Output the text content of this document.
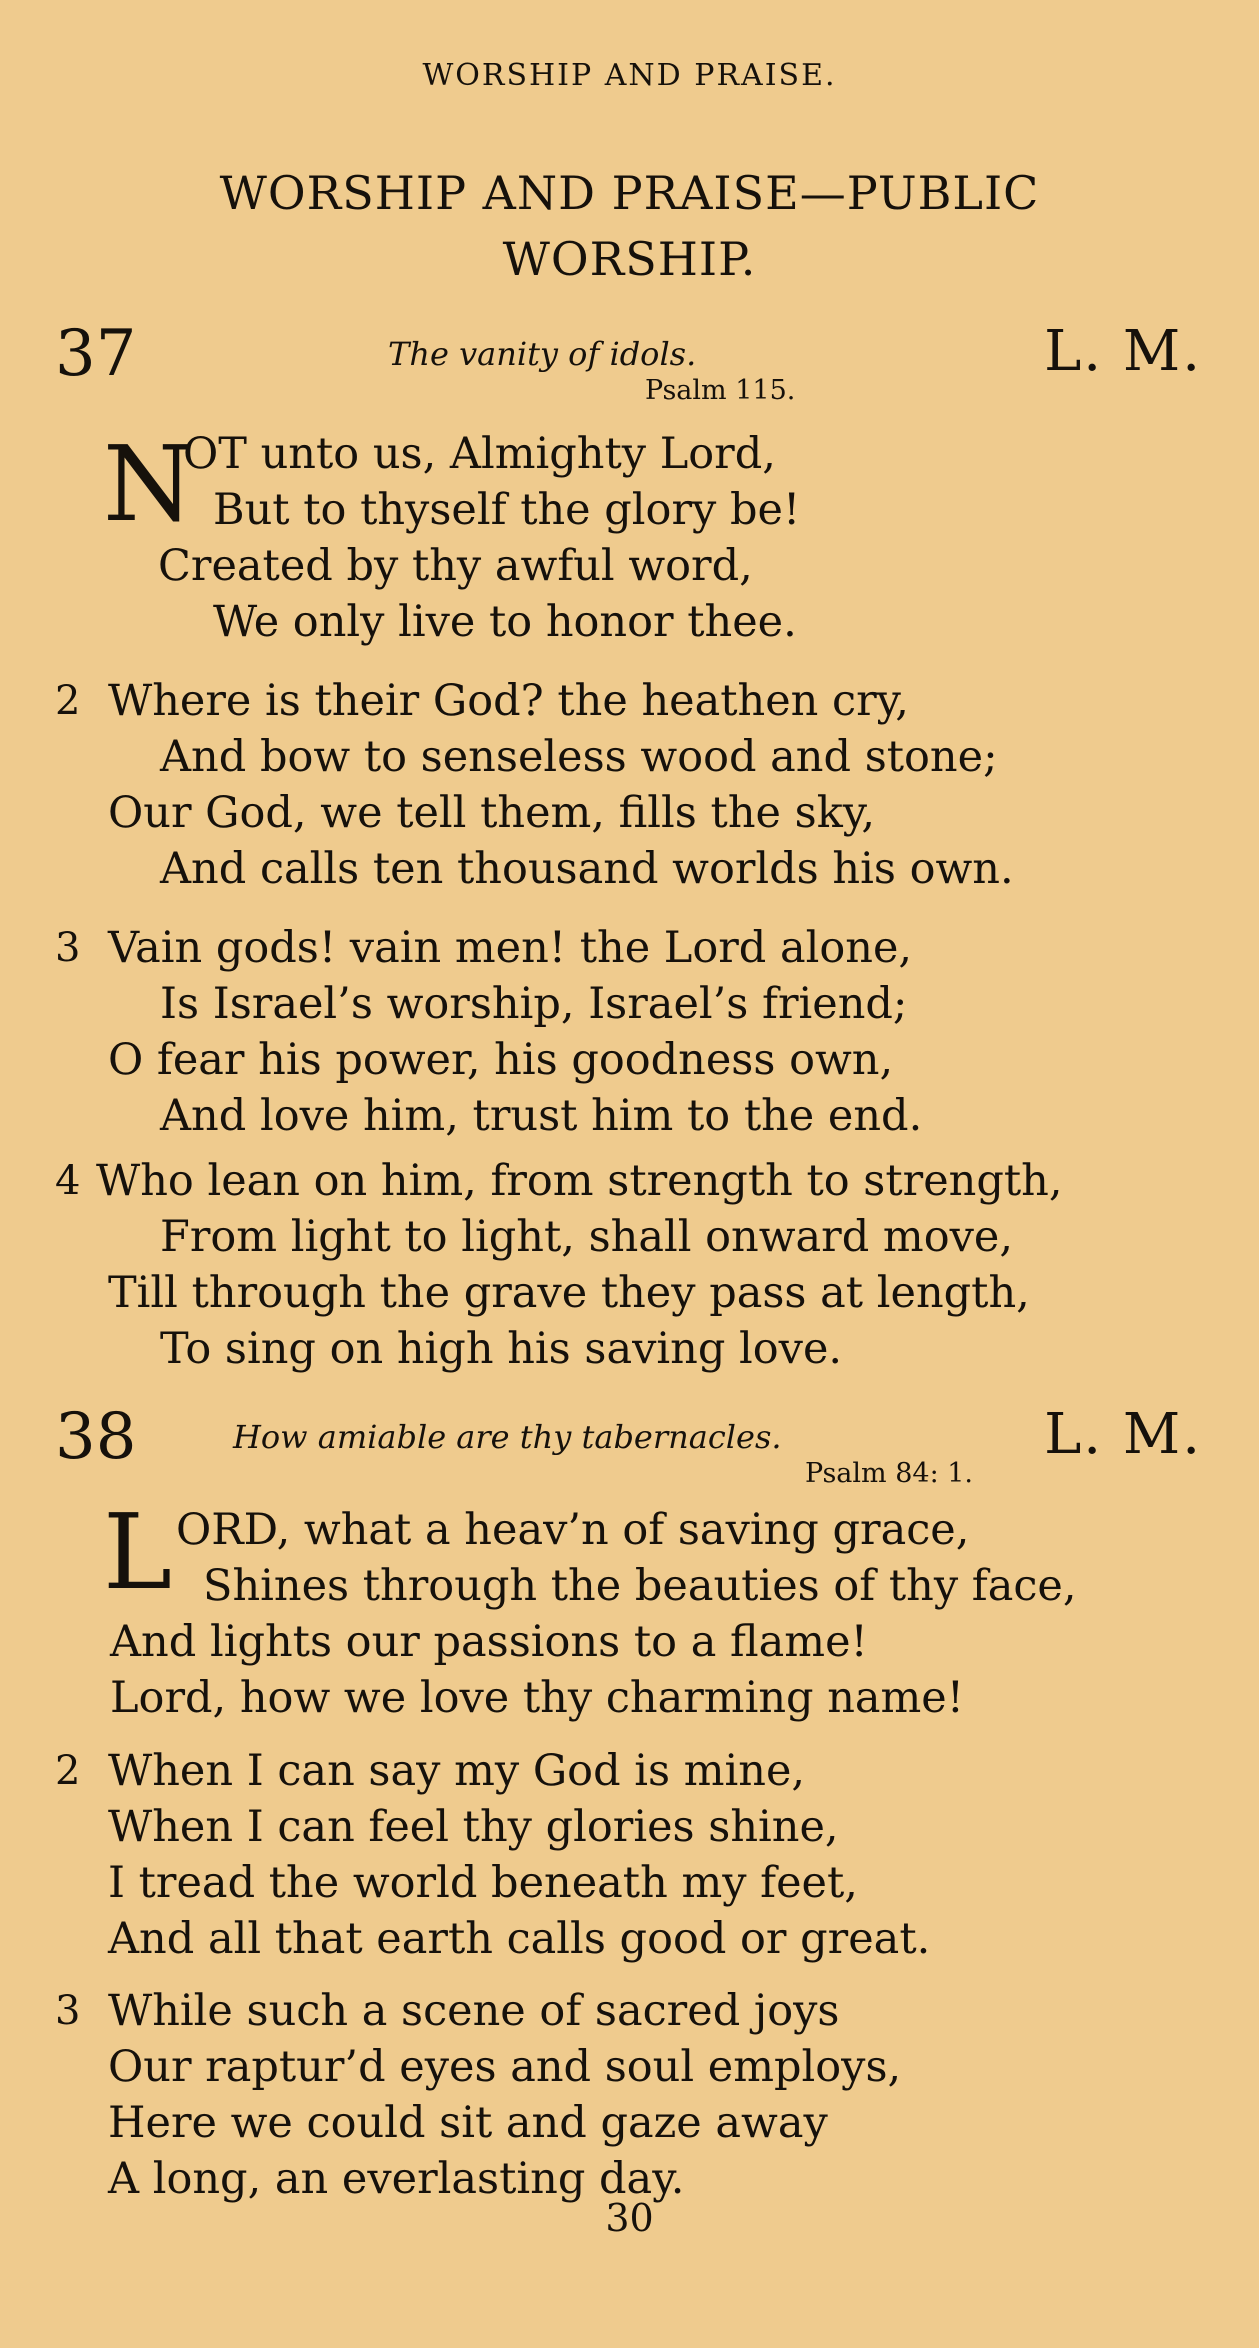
WORSHIP AND PRAISE.
WORSHIP AND PRAISE—PUBLIC
WORSHIP.
37	The vanity of idols.	L. M.
Psalm 115.
N
OT unto us, Almighty Lord,
But to thyself the glory be!
Created by thy awful word,
We only live to honor thee.
2 Where is their God? the heathen cry,
And bow to senseless wood and stone;
Our God, we tell them, fills the sky,
And calls ten thousand worlds his own.
3 Vain gods! vain men! the Lord alone,
Is Israel’s worship, Israel’s friend;
O fear his power, his goodness own,
And love him, trust him to the end.
4 Who lean on him, from strength to strength,
From light to light, shall onward move,
Till through the grave they pass at length,
To sing on high his saving love.
38	How amiable are thy tabernacles.	L. M.
Psalm 84: 1.
L ORD, what a heav’n of saving grace,
Shines through the beauties of thy face,
And lights our passions to a flame!
Lord, how we love thy charming name!
2 When I can say my God is mine,
When I can feel thy glories shine,
I tread the world beneath my feet,
And all that earth calls good or great.
3 While such a scene of sacred joys
Our raptur’d eyes and soul employs,
Here we could sit and gaze away
A long, an everlasting day.
30
